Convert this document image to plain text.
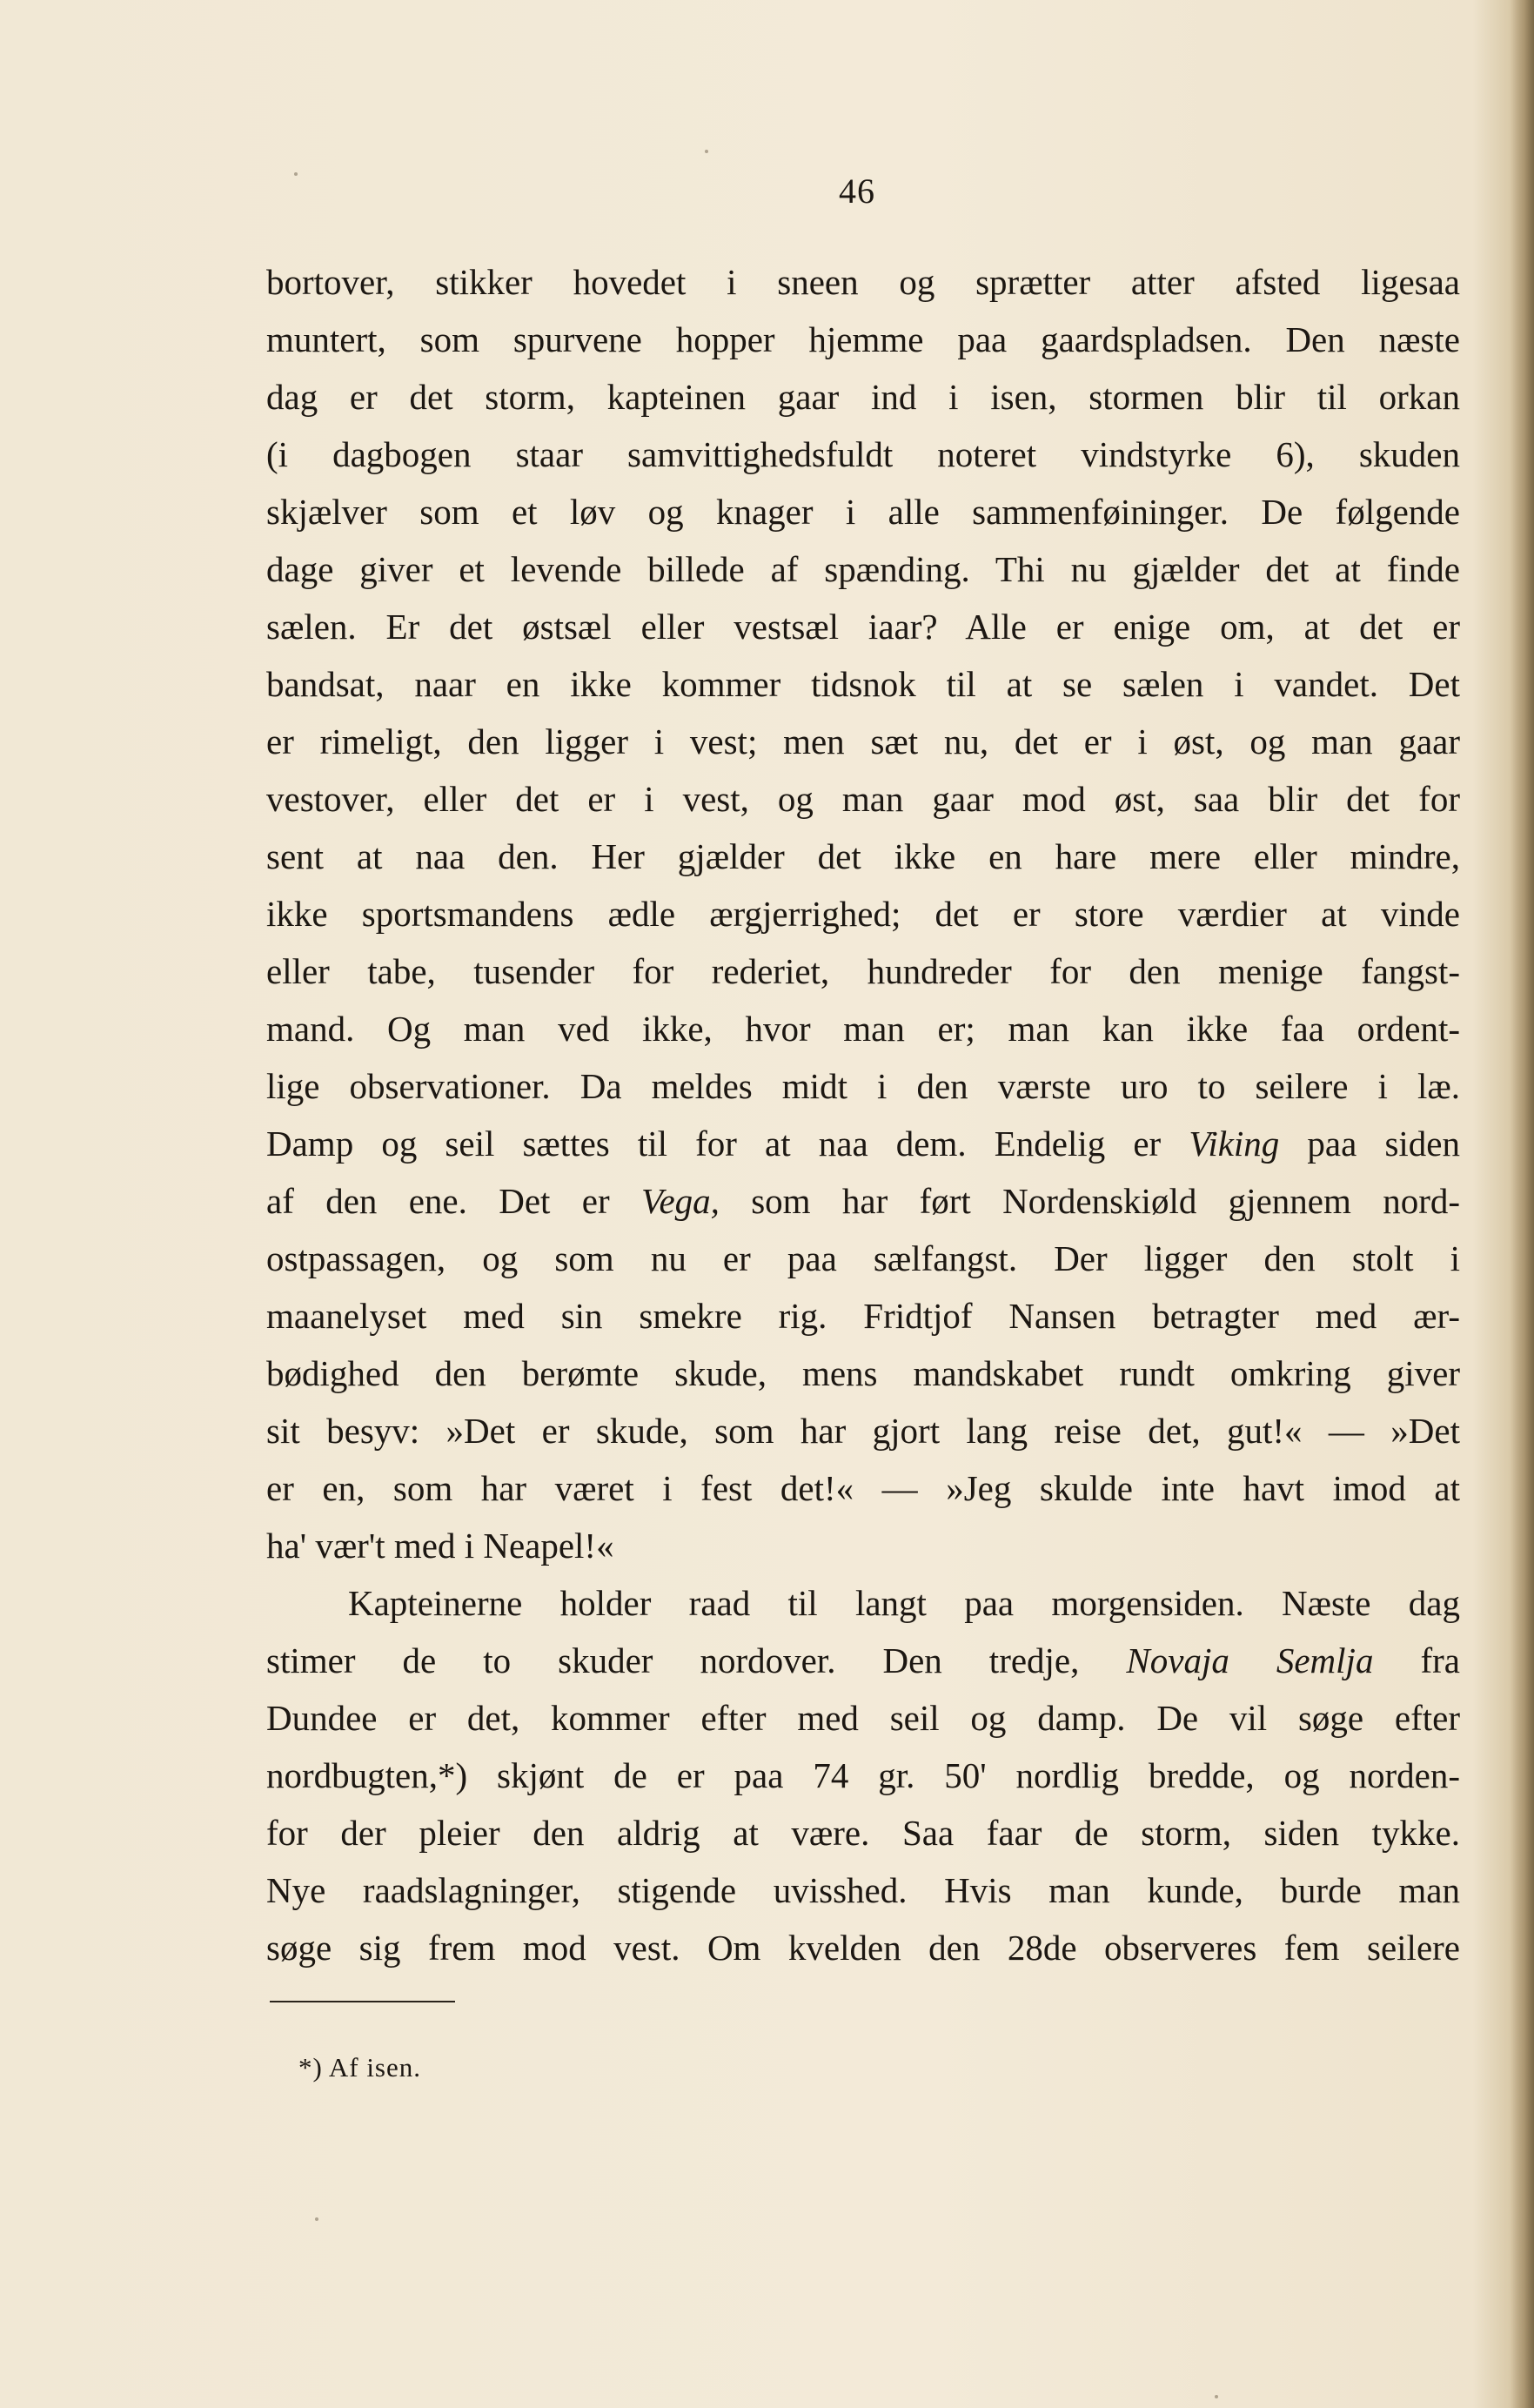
46
bortover, stikker hovedet i sneen og sprætter atter afsted ligesaa
muntert, som spurvene hopper hjemme paa gaardspladsen. Den næste
dag er det storm, kapteinen gaar ind i isen, stormen blir til orkan
(i dagbogen staar samvittighedsfuldt noteret vindstyrke 6), skuden
skjælver som et løv og knager i alle sammenføininger. De følgende
dage giver et levende billede af spænding. Thi nu gjælder det at finde
sælen. Er det østsæl eller vestsæl iaar? Alle er enige om, at det er
bandsat, naar en ikke kommer tidsnok til at se sælen i vandet. Det
er rimeligt, den ligger i vest; men sæt nu, det er i øst, og man gaar
vestover, eller det er i vest, og man gaar mod øst, saa blir det for
sent at naa den. Her gjælder det ikke en hare mere eller mindre,
ikke sportsmandens ædle ærgjerrighed; det er store værdier at vinde
eller tabe, tusender for rederiet, hundreder for den menige fangst-
mand. Og man ved ikke, hvor man er; man kan ikke faa ordent-
lige observationer. Da meldes midt i den værste uro to seilere i læ.
Damp og seil sættes til for at naa dem. Endelig er Viking paa siden
af den ene. Det er Vega, som har ført Nordenskiøld gjennem nord-
ostpassagen, og som nu er paa sælfangst. Der ligger den stolt i
maanelyset med sin smekre rig. Fridtjof Nansen betragter med ær-
bødighed den berømte skude, mens mandskabet rundt omkring giver
sit besyv: »Det er skude, som har gjort lang reise det, gut!« — »Det
er en, som har været i fest det!« — »Jeg skulde inte havt imod at
ha' vær't med i Neapel!«
Kapteinerne holder raad til langt paa morgensiden. Næste dag
stimer de to skuder nordover. Den tredje, Novaja Semlja fra
Dundee er det, kommer efter med seil og damp. De vil søge efter
nordbugten,*) skjønt de er paa 74 gr. 50' nordlig bredde, og norden-
for der pleier den aldrig at være. Saa faar de storm, siden tykke.
Nye raadslagninger, stigende uvisshed. Hvis man kunde, burde man
søge sig frem mod vest. Om kvelden den 28de observeres fem seilere
*) Af isen.
